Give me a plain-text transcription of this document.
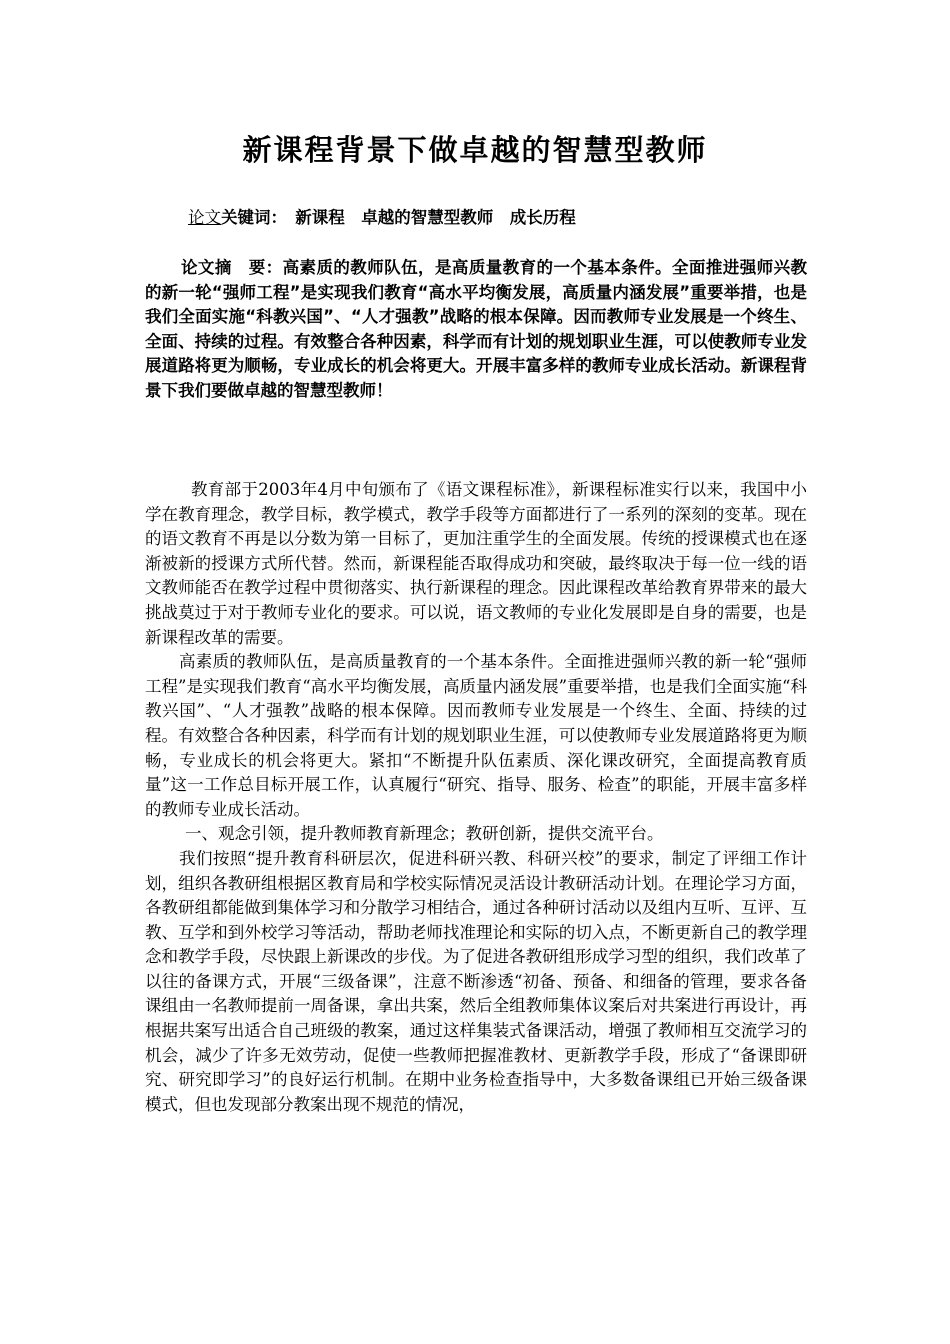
新课程背景下做卓越的智慧型教师
论文关键词：　 新课程　卓越的智慧型教师　成长历程

论文摘　要：高素质的教师队伍，是高质量教育的一个基本条件。全面推进强师兴教的新一轮“强师工程”是实现我们教育“高水平均衡发展，高质量内涵发展”重要举措，也是我们全面实施“科教兴国”、“人才强教”战略的根本保障。因而教师专业发展是一个终生、全面、持续的过程。有效整合各种因素，科学而有计划的规划职业生涯，可以使教师专业发展道路将更为顺畅，专业成长的机会将更大。开展丰富多样的教师专业成长活动。新课程背景下我们要做卓越的智慧型教师！

教育部于2003年4月中旬颁布了《语文课程标准》，新课程标准实行以来，我国中小学在教育理念，教学目标，教学模式，教学手段等方面都进行了一系列的深刻的变革。现在的语文教育不再是以分数为第一目标了，更加注重学生的全面发展。传统的授课模式也在逐渐被新的授课方式所代替。然而，新课程能否取得成功和突破，最终取决于每一位一线的语文教师能否在教学过程中贯彻落实、执行新课程的理念。因此课程改革给教育界带来的最大挑战莫过于对于教师专业化的要求。可以说，语文教师的专业化发展即是自身的需要，也是新课程改革的需要。

高素质的教师队伍，是高质量教育的一个基本条件。全面推进强师兴教的新一轮“强师工程”是实现我们教育“高水平均衡发展，高质量内涵发展”重要举措，也是我们全面实施“科教兴国”、“人才强教”战略的根本保障。因而教师专业发展是一个终生、全面、持续的过程。有效整合各种因素，科学而有计划的规划职业生涯，可以使教师专业发展道路将更为顺畅，专业成长的机会将更大。紧扣“不断提升队伍素质、深化课改研究，全面提高教育质量”这一工作总目标开展工作，认真履行“研究、指导、服务、检查”的职能，开展丰富多样的教师专业成长活动。

一、观念引领，提升教师教育新理念；教研创新，提供交流平台。

我们按照“提升教育科研层次，促进科研兴教、科研兴校”的要求，制定了评细工作计划，组织各教研组根据区教育局和学校实际情况灵活设计教研活动计划。在理论学习方面，各教研组都能做到集体学习和分散学习相结合，通过各种研讨活动以及组内互听、互评、互教、互学和到外校学习等活动，帮助老师找准理论和实际的切入点，不断更新自己的教学理念和教学手段，尽快跟上新课改的步伐。为了促进各教研组形成学习型的组织，我们改革了以往的备课方式，开展“三级备课”，注意不断渗透“初备、预备、和细备的管理，要求各备课组由一名教师提前一周备课，拿出共案，然后全组教师集体议案后对共案进行再设计，再根据共案写出适合自己班级的教案，通过这样集装式备课活动，增强了教师相互交流学习的机会，减少了许多无效劳动，促使一些教师把握准教材、更新教学手段，形成了“备课即研究、研究即学习”的良好运行机制。在期中业务检查指导中，大多数备课组已开始三级备课模式，但也发现部分教案出现不规范的情况，
